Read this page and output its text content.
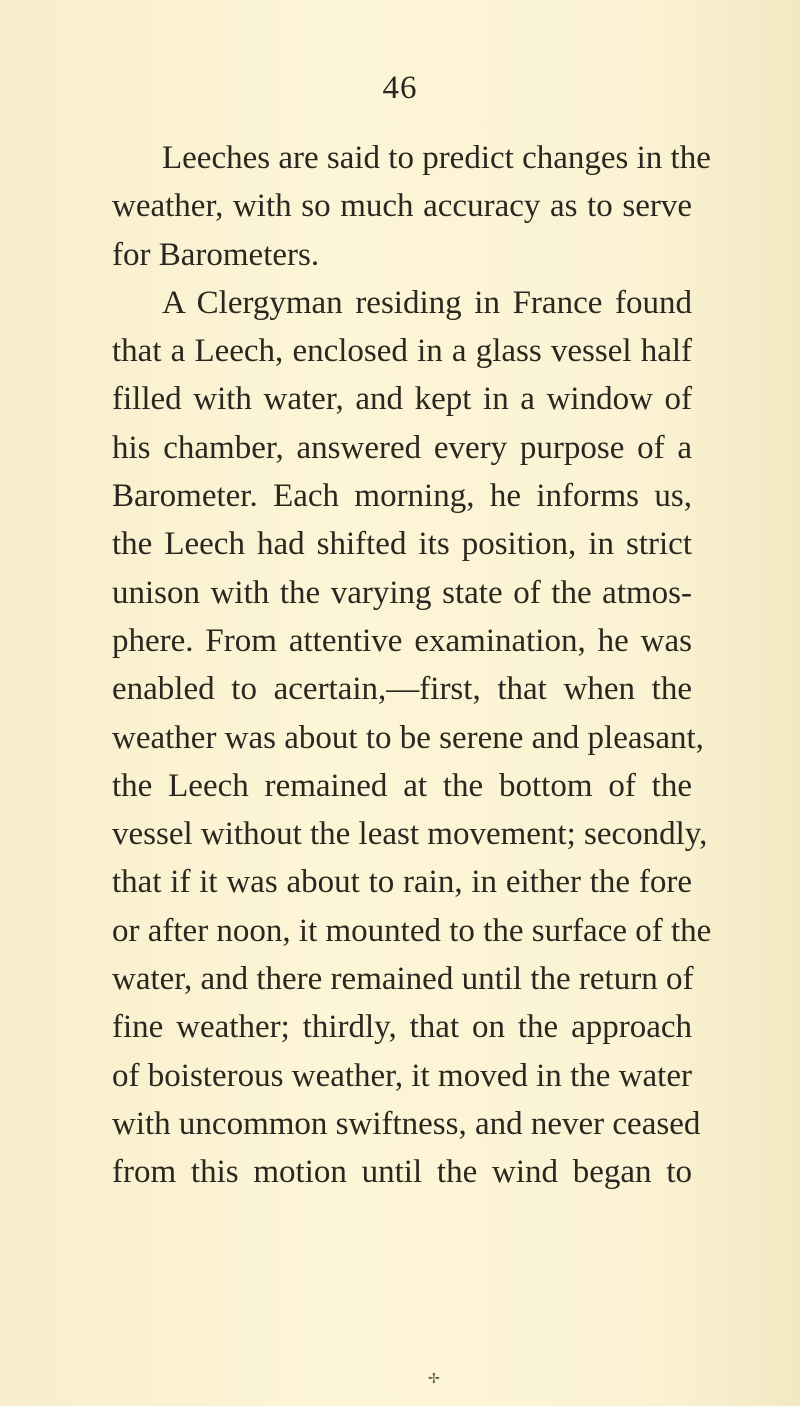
46
Leeches are said to predict changes in the
weather, with so much accuracy as to serve
for Barometers.
A Clergyman residing in France found
that a Leech, enclosed in a glass vessel half
filled with water, and kept in a window of
his chamber, answered every purpose of a
Barometer. Each morning, he informs us,
the Leech had shifted its position, in strict
unison with the varying state of the atmos-
phere. From attentive examination, he was
enabled to acertain,—first, that when the
weather was about to be serene and pleasant,
the Leech remained at the bottom of the
vessel without the least movement; secondly,
that if it was about to rain, in either the fore
or after noon, it mounted to the surface of the
water, and there remained until the return of
fine weather; thirdly, that on the approach
of boisterous weather, it moved in the water
with uncommon swiftness, and never ceased
from this motion until the wind began to
✢
